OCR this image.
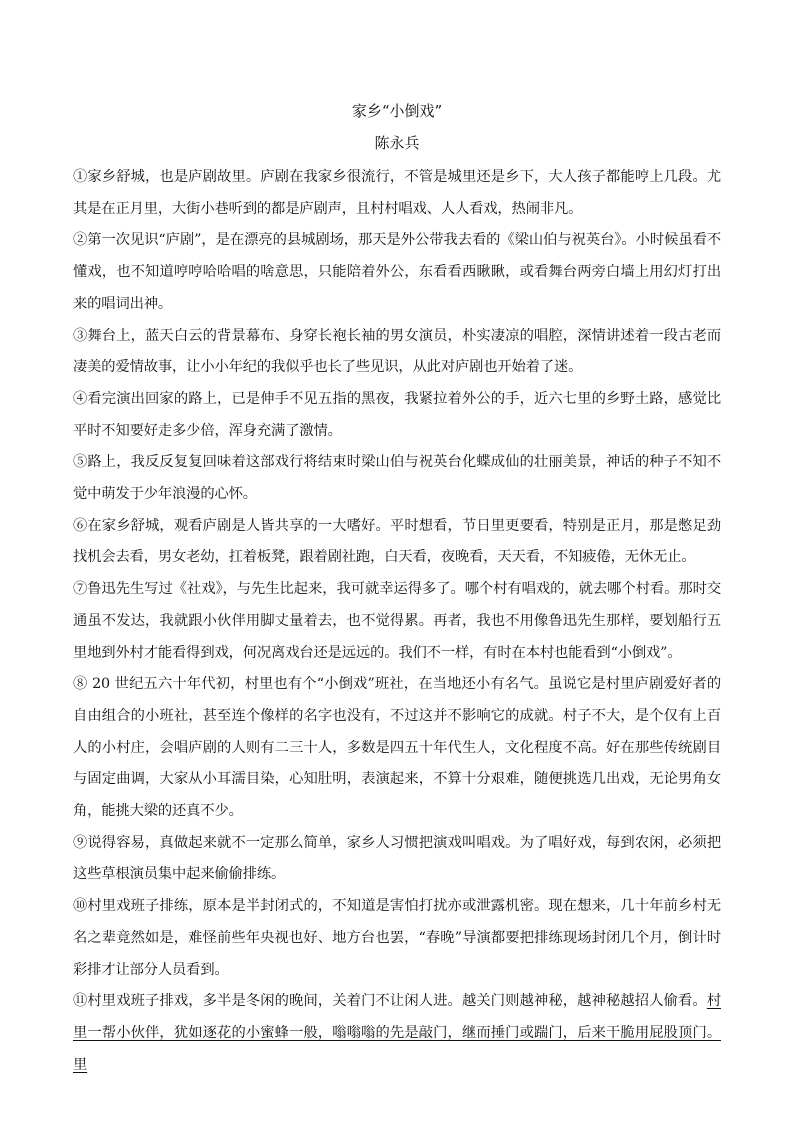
家乡“小倒戏”
陈永兵

①家乡舒城，也是庐剧故里。庐剧在我家乡很流行，不管是城里还是乡下，大人孩子都能哼上几段。尤其是在正月里，大街小巷听到的都是庐剧声，且村村唱戏、人人看戏，热闹非凡。

②第一次见识“庐剧”，是在漂亮的县城剧场，那天是外公带我去看的《梁山伯与祝英台》。小时候虽看不懂戏，也不知道哼哼哈哈唱的啥意思，只能陪着外公，东看看西瞅瞅，或看舞台两旁白墙上用幻灯打出来的唱词出神。

③舞台上，蓝天白云的背景幕布、身穿长袍长袖的男女演员，朴实凄凉的唱腔，深情讲述着一段古老而凄美的爱情故事，让小小年纪的我似乎也长了些见识，从此对庐剧也开始着了迷。

④看完演出回家的路上，已是伸手不见五指的黑夜，我紧拉着外公的手，近六七里的乡野土路，感觉比平时不知要好走多少倍，浑身充满了激情。

⑤路上，我反反复复回味着这部戏行将结束时梁山伯与祝英台化蝶成仙的壮丽美景，神话的种子不知不觉中萌发于少年浪漫的心怀。

⑥在家乡舒城，观看庐剧是人皆共享的一大嗜好。平时想看，节日里更要看，特别是正月，那是憋足劲找机会去看，男女老幼，扛着板凳，跟着剧社跑，白天看，夜晚看，天天看，不知疲倦，无休无止。

⑦鲁迅先生写过《社戏》，与先生比起来，我可就幸运得多了。哪个村有唱戏的，就去哪个村看。那时交通虽不发达，我就跟小伙伴用脚丈量着去，也不觉得累。再者，我也不用像鲁迅先生那样，要划船行五里地到外村才能看得到戏，何况离戏台还是远远的。我们不一样，有时在本村也能看到“小倒戏”。

⑧ 20 世纪五六十年代初，村里也有个“小倒戏”班社，在当地还小有名气。虽说它是村里庐剧爱好者的自由组合的小班社，甚至连个像样的名字也没有，不过这并不影响它的成就。村子不大，是个仅有上百人的小村庄，会唱庐剧的人则有二三十人，多数是四五十年代生人，文化程度不高。好在那些传统剧目与固定曲调，大家从小耳濡目染，心知肚明，表演起来，不算十分艰难，随便挑选几出戏，无论男角女角，能挑大梁的还真不少。

⑨说得容易，真做起来就不一定那么简单，家乡人习惯把演戏叫唱戏。为了唱好戏，每到农闲，必须把这些草根演员集中起来偷偷排练。

⑩村里戏班子排练，原本是半封闭式的，不知道是害怕打扰亦或泄露机密。现在想来，几十年前乡村无名之辈竟然如是，难怪前些年央视也好、地方台也罢，“春晚”导演都要把排练现场封闭几个月，倒计时彩排才让部分人员看到。

⑪村里戏班子排戏，多半是冬闲的晚间，关着门不让闲人进。越关门则越神秘，越神秘越招人偷看。村里一帮小伙伴，犹如逐花的小蜜蜂一般，嗡嗡嗡的先是敲门，继而捶门或踹门，后来干脆用屁股顶门。里
